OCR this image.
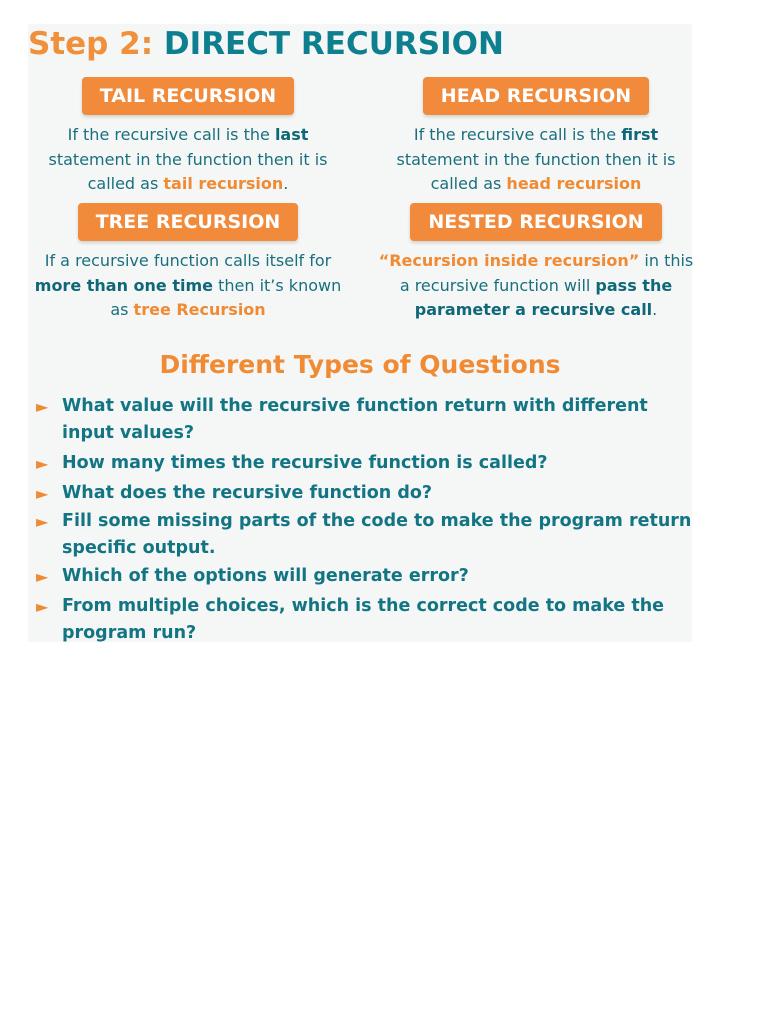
Step 2: DIRECT RECURSION
TAIL RECURSION

If the recursive call is the last statement in the function then it is called as tail recursion.

HEAD RECURSION

If the recursive call is the first statement in the function then it is called as head recursion

TREE RECURSION

If a recursive function calls itself for more than one time then it’s known as tree Recursion

NESTED RECURSION

“Recursion inside recursion” in this a recursive function will pass the parameter a recursive call.

Different Types of Questions
► What value will the recursive function return with different input values?
► How many times the recursive function is called?
► What does the recursive function do?
► Fill some missing parts of the code to make the program return specific output.
► Which of the options will generate error?
► From multiple choices, which is the correct code to make the program run?
